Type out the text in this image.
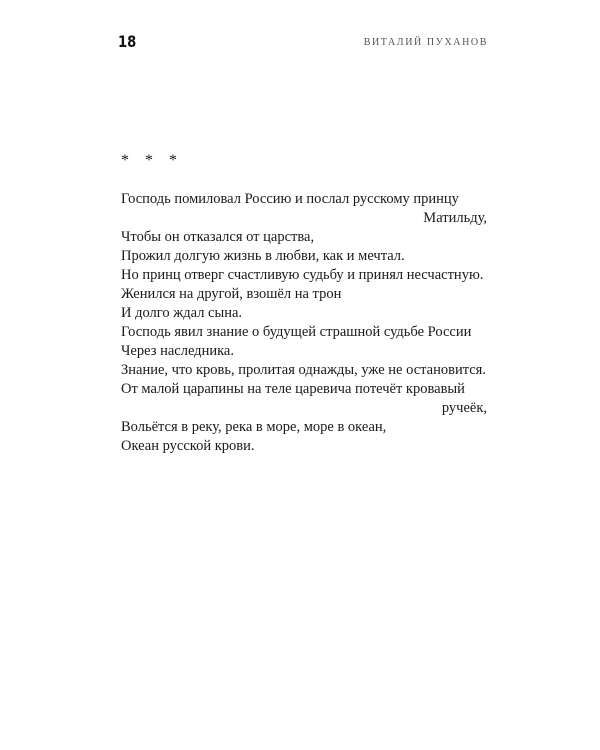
18	ВИТАЛИЙ ПУХАНОВ
* * *
Господь помиловал Россию и послал русскому принцу
Матильду,
Чтобы он отказался от царства,
Прожил долгую жизнь в любви, как и мечтал.
Но принц отверг счастливую судьбу и принял несчастную.
Женился на другой, взошёл на трон
И долго ждал сына.
Господь явил знание о будущей страшной судьбе России
Через наследника.
Знание, что кровь, пролитая однажды, уже не остановится.
От малой царапины на теле царевича потечёт кровавый
ручеёк,
Вольётся в реку, река в море, море в океан,
Океан русской крови.
